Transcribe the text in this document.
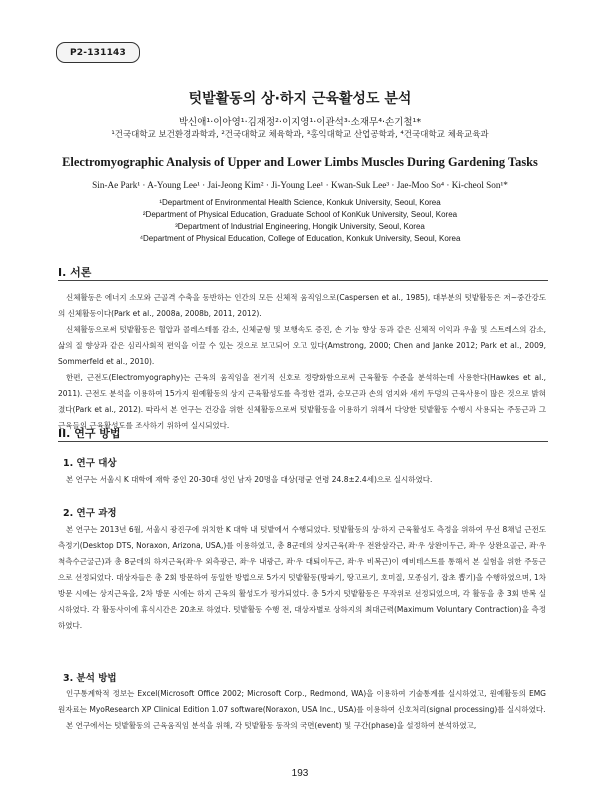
P2-131143
텃밭활동의 상·하지 근육활성도 분석
박신애¹·이아영¹·김재정²·이지영¹·이관석³·소재무⁴·손기철¹*
¹건국대학교 보건환경과학과, ²건국대학교 체육학과, ³홍익대학교 산업공학과, ⁴건국대학교 체육교육과
Electromyographic Analysis of Upper and Lower Limbs Muscles During Gardening Tasks
Sin-Ae Park¹ · A-Young Lee¹ · Jai-Jeong Kim² · Ji-Young Lee¹ · Kwan-Suk Lee³ · Jae-Moo So⁴ · Ki-cheol Son¹*
¹Department of Environmental Health Science, Konkuk University, Seoul, Korea
²Department of Physical Education, Graduate School of KonKuk University, Seoul, Korea
³Department of Industrial Engineering, Hongik University, Seoul, Korea
⁴Department of Physical Education, College of Education, Konkuk University, Seoul, Korea
I. 서론

신체활동은 에너지 소모와 근골격 수축을 동반하는 인간의 모든 신체적 움직임으로(Caspersen et al., 1985), 대부분의 텃밭활동은 저~중간강도의 신체활동이다(Park et al., 2008a, 2008b, 2011, 2012).

신체활동으로써 텃밭활동은 혈압과 콜레스테롤 감소, 신체균형 및 보행속도 증진, 손 기능 향상 등과 같은 신체적 이익과 우울 및 스트레스의 감소, 삶의 질 향상과 같은 심리사회적 편익을 이끌 수 있는 것으로 보고되어 오고 있다(Amstrong, 2000; Chen and Janke 2012; Park et al., 2009, Sommerfeld et al., 2010).

한편, 근전도(Electromyography)는 근육의 움직임을 전기적 신호로 정량화함으로써 근육활동 수준을 분석하는데 사용한다(Hawkes et al., 2011). 근전도 분석을 이용하여 15가지 원예활동의 상지 근육활성도를 측정한 결과, 승모근과 손의 엄지와 새끼 두덩의 근육사용이 많은 것으로 밝혀졌다(Park et al., 2012). 따라서 본 연구는 건강을 위한 신체활동으로써 텃밭활동을 이용하기 위해서 다양한 텃밭활동 수행시 사용되는 주동근과 그 근육들의 근육활성도를 조사하기 위하여 실시되었다.

II. 연구 방법
1. 연구 대상

본 연구는 서울시 K 대학에 재학 중인 20-30대 성인 남자 20명을 대상(평균 연령 24.8±2.4세)으로 실시하였다.

2. 연구 과정

본 연구는 2013년 6월, 서울시 광진구에 위치한 K 대학 내 텃밭에서 수행되었다. 텃밭활동의 상·하지 근육활성도 측정을 위하여 무선 8채널 근전도측정기(Desktop DTS, Noraxon, Arizona, USA,)를 이용하였고, 총 8군데의 상지근육(좌·우 전완삼각근, 좌·우 상완이두근, 좌·우 상완요골근, 좌·우척측수근굴근)과 총 8군데의 하지근육(좌·우 외측광근, 좌·우 내광근, 좌·우 대퇴이두근, 좌·우 비복근)이 예비테스트를 통해서 본 실험을 위한 주동근으로 선정되었다. 대상자들은 총 2회 방문하여 동일한 방법으로 5가지 텃밭활동(땅파기, 땅고르기, 호미질, 모종심기, 잡초 뽑기)을 수행하였으며, 1차 방문 시에는 상지근육을, 2차 방문 시에는 하지 근육의 활성도가 평가되었다. 총 5가지 텃밭활동은 무작위로 선정되었으며, 각 활동을 총 3회 반복 실시하였다. 각 활동사이에 휴식시간은 20초로 하였다. 텃밭활동 수행 전, 대상자별로 상하지의 최대근력(Maximum Voluntary Contraction)을 측정하였다.

3. 분석 방법

인구통계학적 정보는 Excel(Microsoft Office 2002; Microsoft Corp., Redmond, WA)을 이용하여 기술통계를 실시하였고, 원예활동의 EMG 원자료는 MyoResearch XP Clinical Edition 1.07 software(Noraxon, USA Inc., USA)를 이용하여 신호처리(signal processing)를 실시하였다.

본 연구에서는 텃밭활동의 근육움직임 분석을 위해, 각 텃밭활동 동작의 국면(event) 및 구간(phase)을 설정하여 분석하였고,

193
